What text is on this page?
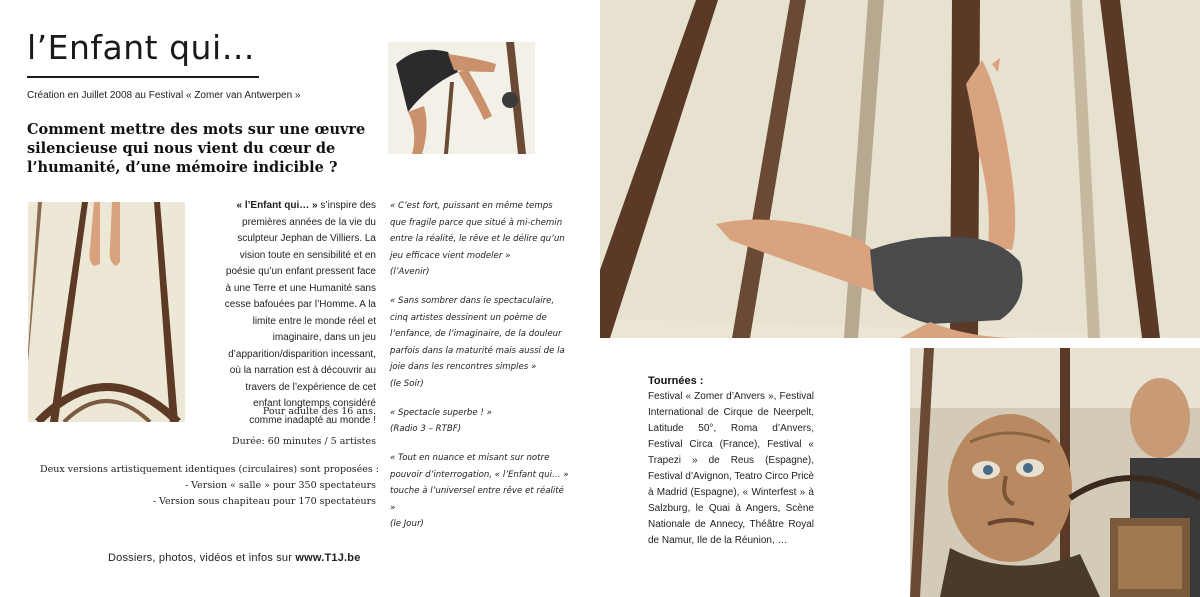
l’Enfant qui…
Création en Juillet 2008 au Festival « Zomer van Antwerpen »

Comment mettre des mots sur une œuvre silencieuse qui nous vient du cœur de l’humanité, d’une mémoire indicible ?

« l’Enfant qui… » s’inspire des premières années de la vie du sculpteur Jephan de Villiers. La vision toute en sensibilité et en poésie qu’un enfant pressent face à une Terre et une Humanité sans cesse bafouées par l’Homme. A la limite entre le monde réel et imaginaire, dans un jeu d’apparition/disparition incessant, où la narration est à découvrir au travers de l’expérience de cet enfant longtemps considéré comme inadapté au monde !

Pour adulte dès 16 ans.
Durée: 60 minutes / 5 artistes
Deux versions artistiquement identiques (circulaires) sont proposées :
- Version « salle » pour 350 spectateurs
- Version sous chapiteau pour 170 spectateurs
Dossiers, photos, vidéos et infos sur www.T1J.be

« C’est fort, puissant en même temps que fragile parce que situé à mi-chemin entre la réalité, le rêve et le délire qu’un jeu efficace vient modeler »

(l’Avenir)

« Sans sombrer dans le spectaculaire, cinq artistes dessinent un poème de l’enfance, de l’imaginaire, de la douleur parfois dans la maturité mais aussi de la joie dans les rencontres simples »

(le Soir)

« Spectacle superbe ! »

(Radio 3 – RTBF)

« Tout en nuance et misant sur notre pouvoir d’interrogation, « l’Enfant qui… » touche à l’universel entre rêve et réalité »

(le Jour)

Tournées :

Festival « Zomer d’Anvers », Festival International de Cirque de Neerpelt, Latitude 50°, Roma d’Anvers, Festival Circa (France), Festival « Trapezi » de Reus (Espagne), Festival d’Avignon, Teatro Circo Pricè à Madrid (Espagne), « Winterfest » à Salzburg, le Quai à Angers, Scène Nationale de Annecy, Théâtre Royal de Namur, Ile de la Réunion, …
